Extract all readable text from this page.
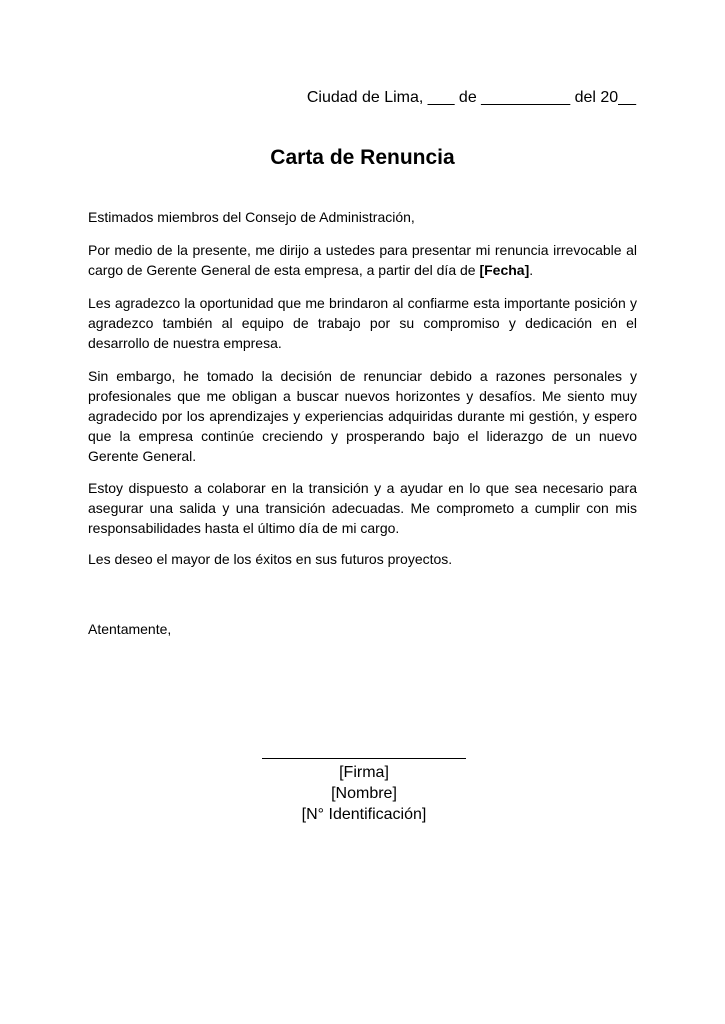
Ciudad de Lima, ___ de __________ del 20__
Carta de Renuncia

Estimados miembros del Consejo de Administración,

Por medio de la presente, me dirijo a ustedes para presentar mi renuncia irrevocable al cargo de Gerente General de esta empresa, a partir del día de [Fecha].

Les agradezco la oportunidad que me brindaron al confiarme esta importante posición y agradezco también al equipo de trabajo por su compromiso y dedicación en el desarrollo de nuestra empresa.

Sin embargo, he tomado la decisión de renunciar debido a razones personales y profesionales que me obligan a buscar nuevos horizontes y desafíos. Me siento muy agradecido por los aprendizajes y experiencias adquiridas durante mi gestión, y espero que la empresa continúe creciendo y prosperando bajo el liderazgo de un nuevo Gerente General.

Estoy dispuesto a colaborar en la transición y a ayudar en lo que sea necesario para asegurar una salida y una transición adecuadas. Me comprometo a cumplir con mis responsabilidades hasta el último día de mi cargo.

Les deseo el mayor de los éxitos en sus futuros proyectos.

Atentamente,

[Firma]
[Nombre]
[N° Identificación]
